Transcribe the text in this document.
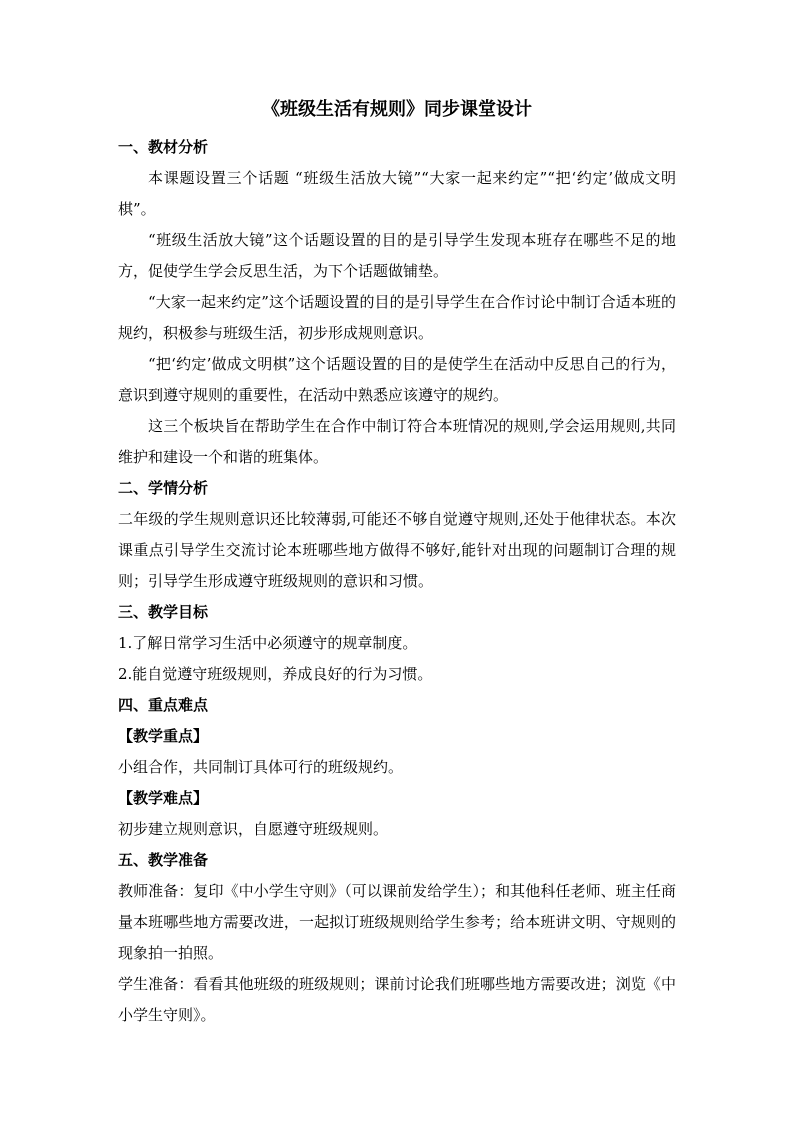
《班级生活有规则》同步课堂设计
一、教材分析

本课题设置三个话题 “班级生活放大镜”“大家一起来约定”“把‘约定’做成文明棋”。

“班级生活放大镜”这个话题设置的目的是引导学生发现本班存在哪些不足的地方，促使学生学会反思生活，为下个话题做铺垫。

“大家一起来约定”这个话题设置的目的是引导学生在合作讨论中制订合适本班的规约，积极参与班级生活，初步形成规则意识。

“把‘约定’做成文明棋”这个话题设置的目的是使学生在活动中反思自己的行为，意识到遵守规则的重要性，在活动中熟悉应该遵守的规约。

这三个板块旨在帮助学生在合作中制订符合本班情况的规则,学会运用规则,共同维护和建设一个和谐的班集体。

二、学情分析

二年级的学生规则意识还比较薄弱,可能还不够自觉遵守规则,还处于他律状态。本次课重点引导学生交流讨论本班哪些地方做得不够好,能针对出现的问题制订合理的规则；引导学生形成遵守班级规则的意识和习惯。

三、教学目标
1.了解日常学习生活中必须遵守的规章制度。
2.能自觉遵守班级规则，养成良好的行为习惯。
四、重点难点
【教学重点】
小组合作，共同制订具体可行的班级规约。
【教学难点】
初步建立规则意识，自愿遵守班级规则。
五、教学准备

教师准备：复印《中小学生守则》（可以课前发给学生）；和其他科任老师、班主任商量本班哪些地方需要改进，一起拟订班级规则给学生参考；给本班讲文明、守规则的现象拍一拍照。

学生准备：看看其他班级的班级规则；课前讨论我们班哪些地方需要改进；浏览《中小学生守则》。
